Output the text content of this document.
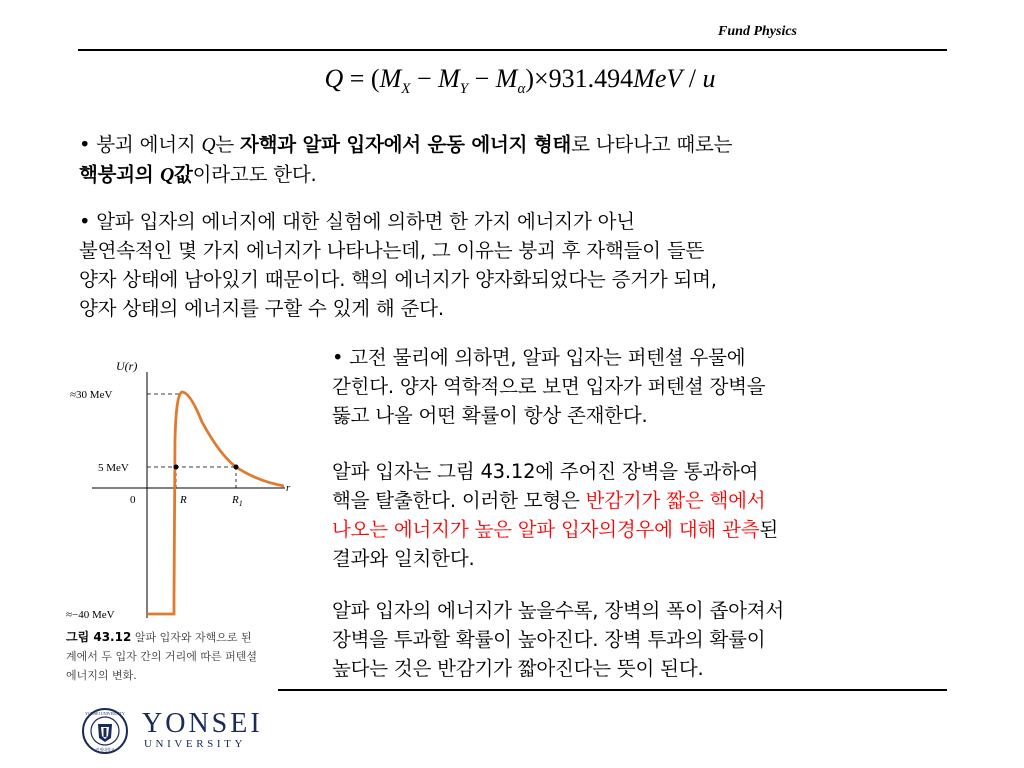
Fund Physics
$Q = (M_X - M_Y - M_\alpha)\times 931.494MeV / u$
• 붕괴 에너지 Q는 자핵과 알파 입자에서 운동 에너지 형태로 나타나고 때로는
핵붕괴의 Q값이라고도 한다.
• 알파 입자의 에너지에 대한 실험에 의하면 한 가지 에너지가 아닌
불연속적인 몇 가지 에너지가 나타나는데, 그 이유는 붕괴 후 자핵들이 들뜬
양자 상태에 남아있기 때문이다. 핵의 에너지가 양자화되었다는 증거가 되며,
양자 상태의 에너지를 구할 수 있게 해 준다.
U(r)
r
≈30 MeV
5 MeV
≈−40 MeV
0	R	$R_1$
그림 43.12 알파 입자와 자핵으로 된
계에서 두 입자 간의 거리에 따른 퍼텐셜
에너지의 변화.
• 고전 물리에 의하면, 알파 입자는 퍼텐셜 우물에
갇힌다. 양자 역학적으로 보면 입자가 퍼텐셜 장벽을
뚫고 나올 어떤 확률이 항상 존재한다.
알파 입자는 그림 43.12에 주어진 장벽을 통과하여
핵을 탈출한다. 이러한 모형은 반감기가 짧은 핵에서
나오는 에너지가 높은 알파 입자의경우에 대해 관측된
결과와 일치한다.
알파 입자의 에너지가 높을수록, 장벽의 폭이 좁아져서
장벽을 투과할 확률이 높아진다. 장벽 투과의 확률이
높다는 것은 반감기가 짧아진다는 뜻이 된다.
YONSEI UNIVERSITY
연세대학교
YONSEI
UNIVERSITY
